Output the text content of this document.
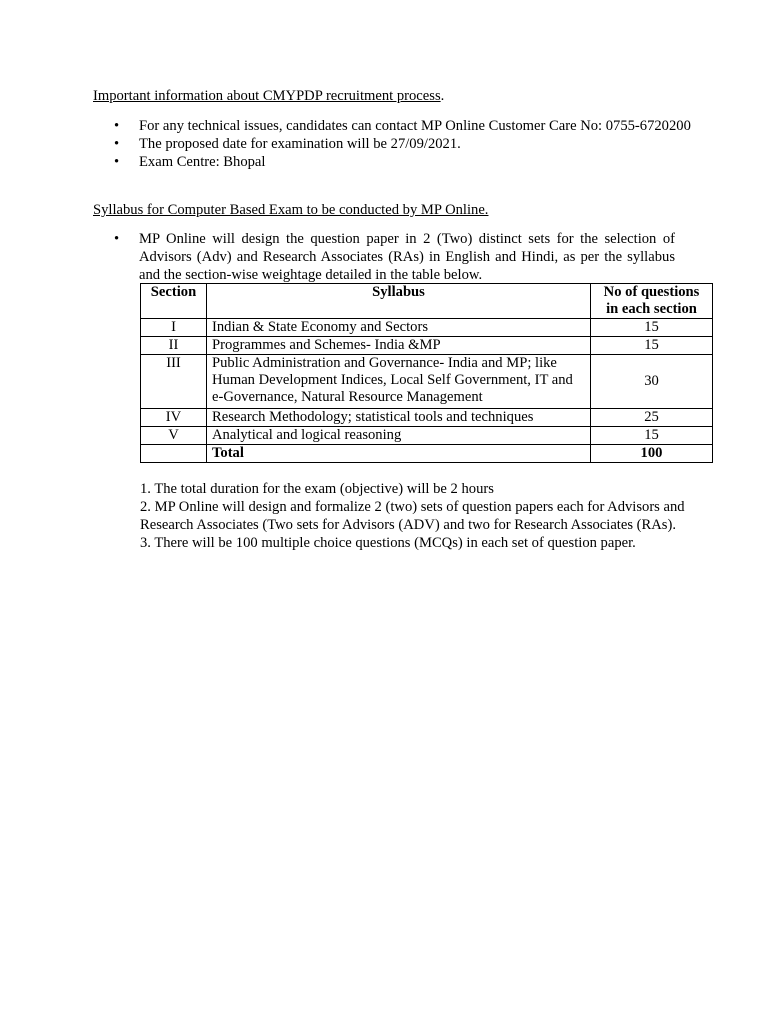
Important information about CMYPDP recruitment process.

• For any technical issues, candidates can contact MP Online Customer Care No: 0755-6720200
• The proposed date for examination will be 27/09/2021.
• Exam Centre: Bhopal

Syllabus for Computer Based Exam to be conducted by MP Online.

• MP Online will design the question paper in 2 (Two) distinct sets for the selection of Advisors (Adv) and Research Associates (RAs) in English and Hindi, as per the syllabus and the section-wise weightage detailed in the table below.
Section	Syllabus	No of questions in each section
I	Indian & State Economy and Sectors	15
II	Programmes and Schemes- India &MP	15
III	Public Administration and Governance- India and MP; like Human Development Indices, Local Self Government, IT and e-Governance, Natural Resource Management	30
IV	Research Methodology; statistical tools and techniques	25
V	Analytical and logical reasoning	15
	Total	100

1. The total duration for the exam (objective) will be 2 hours

2. MP Online will design and formalize 2 (two) sets of question papers each for Advisors and Research Associates (Two sets for Advisors (ADV) and two for Research Associates (RAs).

3. There will be 100 multiple choice questions (MCQs) in each set of question paper.
